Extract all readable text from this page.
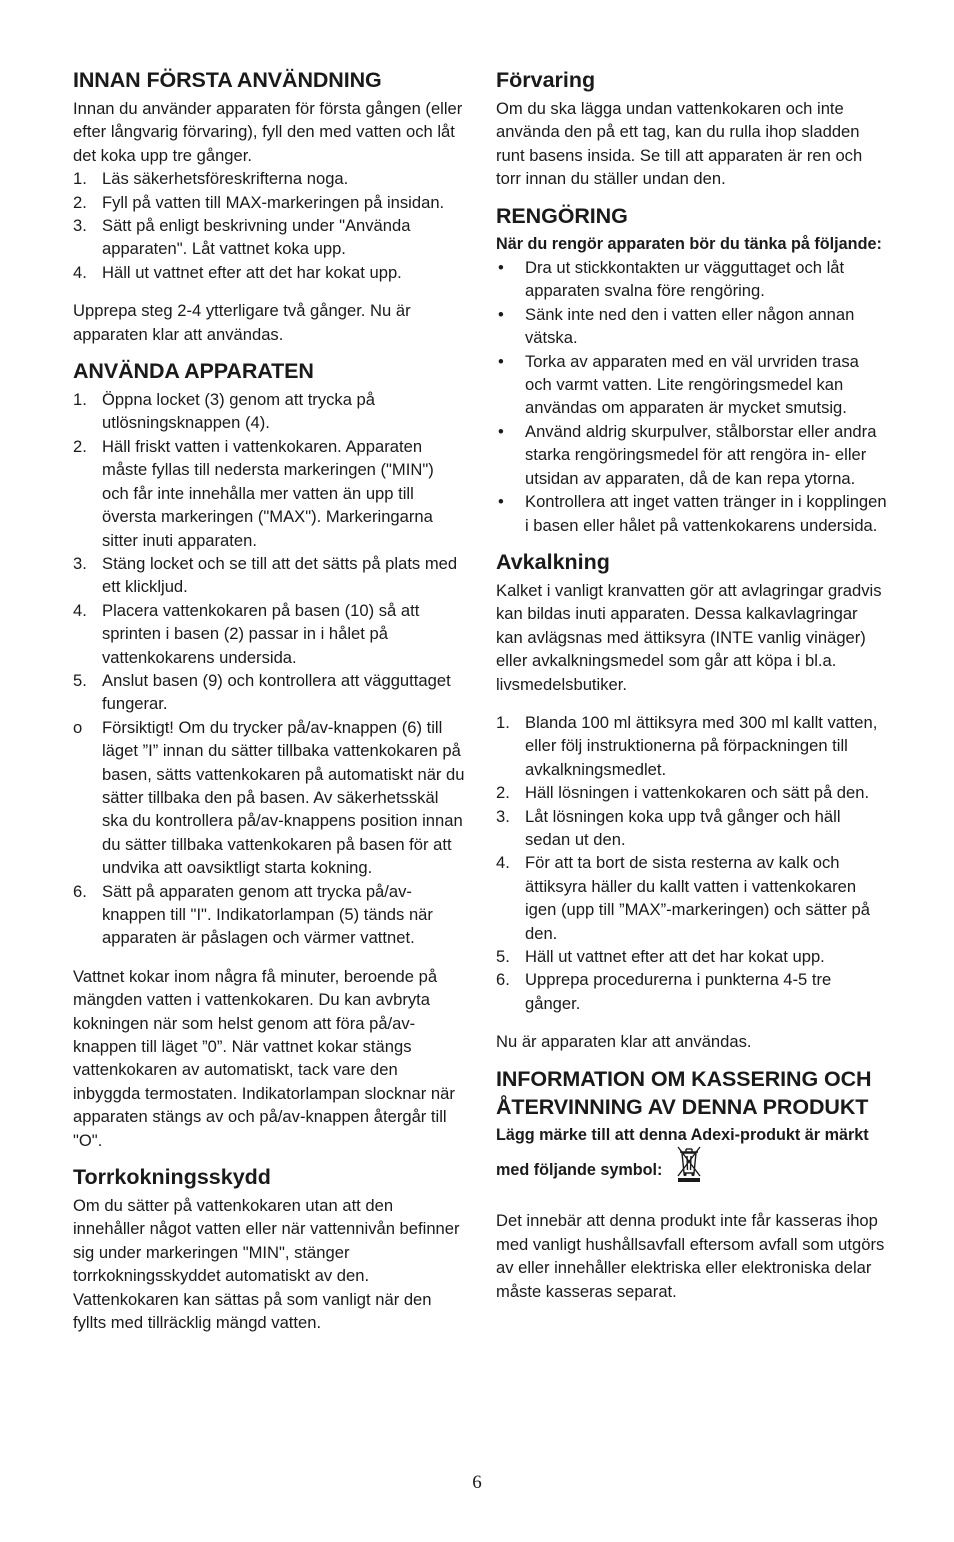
INNAN FÖRSTA ANVÄNDNING

Innan du använder apparaten för första gången (eller efter långvarig förvaring), fyll den med vatten och låt det koka upp tre gånger.

1. Läs säkerhetsföreskrifterna noga.
2. Fyll på vatten till MAX-markeringen på insidan.
3. Sätt på enligt beskrivning under "Använda apparaten". Låt vattnet koka upp.
4. Häll ut vattnet efter att det har kokat upp.

Upprepa steg 2-4 ytterligare två gånger. Nu är apparaten klar att användas.

ANVÄNDA APPARATEN
1. Öppna locket (3) genom att trycka på utlösningsknappen (4).
2. Häll friskt vatten i vattenkokaren. Apparaten måste fyllas till nedersta markeringen ("MIN") och får inte innehålla mer vatten än upp till översta markeringen ("MAX"). Markeringarna sitter inuti apparaten.
3. Stäng locket och se till att det sätts på plats med ett klickljud.
4. Placera vattenkokaren på basen (10) så att sprinten i basen (2) passar in i hålet på vattenkokarens undersida.
5. Anslut basen (9) och kontrollera att vägguttaget fungerar.
o Försiktigt! Om du trycker på/av-knappen (6) till läget ”I” innan du sätter tillbaka vattenkokaren på basen, sätts vattenkokaren på automatiskt när du sätter tillbaka den på basen. Av säkerhetsskäl ska du kontrollera på/av-knappens position innan du sätter tillbaka vattenkokaren på basen för att undvika att oavsiktligt starta kokning.
6. Sätt på apparaten genom att trycka på/av-knappen till "I". Indikatorlampan (5) tänds när apparaten är påslagen och värmer vattnet.

Vattnet kokar inom några få minuter, beroende på mängden vatten i vattenkokaren. Du kan avbryta kokningen när som helst genom att föra på/av-knappen till läget ”0”. När vattnet kokar stängs vattenkokaren av automatiskt, tack vare den inbyggda termostaten. Indikatorlampan slocknar när apparaten stängs av och på/av-knappen återgår till "O".

Torrkokningsskydd

Om du sätter på vattenkokaren utan att den innehåller något vatten eller när vattennivån befinner sig under markeringen "MIN", stänger torrkokningsskyddet automatiskt av den. Vattenkokaren kan sättas på som vanligt när den fyllts med tillräcklig mängd vatten.

Förvaring

Om du ska lägga undan vattenkokaren och inte använda den på ett tag, kan du rulla ihop sladden runt basens insida. Se till att apparaten är ren och torr innan du ställer undan den.

RENGÖRING

När du rengör apparaten bör du tänka på följande:

• Dra ut stickkontakten ur vägguttaget och låt apparaten svalna före rengöring.
• Sänk inte ned den i vatten eller någon annan vätska.
• Torka av apparaten med en väl urvriden trasa och varmt vatten. Lite rengöringsmedel kan användas om apparaten är mycket smutsig.
• Använd aldrig skurpulver, stålborstar eller andra starka rengöringsmedel för att rengöra in- eller utsidan av apparaten, då de kan repa ytorna.
• Kontrollera att inget vatten tränger in i kopplingen i basen eller hålet på vattenkokarens undersida.
Avkalkning

Kalket i vanligt kranvatten gör att avlagringar gradvis kan bildas inuti apparaten. Dessa kalkavlagringar kan avlägsnas med ättiksyra (INTE vanlig vinäger) eller avkalkningsmedel som går att köpa i bl.a. livsmedelsbutiker.

1. Blanda 100 ml ättiksyra med 300 ml kallt vatten, eller följ instruktionerna på förpackningen till avkalkningsmedlet.
2. Häll lösningen i vattenkokaren och sätt på den.
3. Låt lösningen koka upp två gånger och häll sedan ut den.
4. För att ta bort de sista resterna av kalk och ättiksyra häller du kallt vatten i vattenkokaren igen (upp till ”MAX”-markeringen) och sätter på den.
5. Häll ut vattnet efter att det har kokat upp.
6. Upprepa procedurerna i punkterna 4-5 tre gånger.

Nu är apparaten klar att användas.

INFORMATION OM KASSERING OCH ÅTERVINNING AV DENNA PRODUKT

Lägg märke till att denna Adexi-produkt är märkt med följande symbol:

Det innebär att denna produkt inte får kasseras ihop med vanligt hushållsavfall eftersom avfall som utgörs av eller innehåller elektriska eller elektroniska delar måste kasseras separat.

6
